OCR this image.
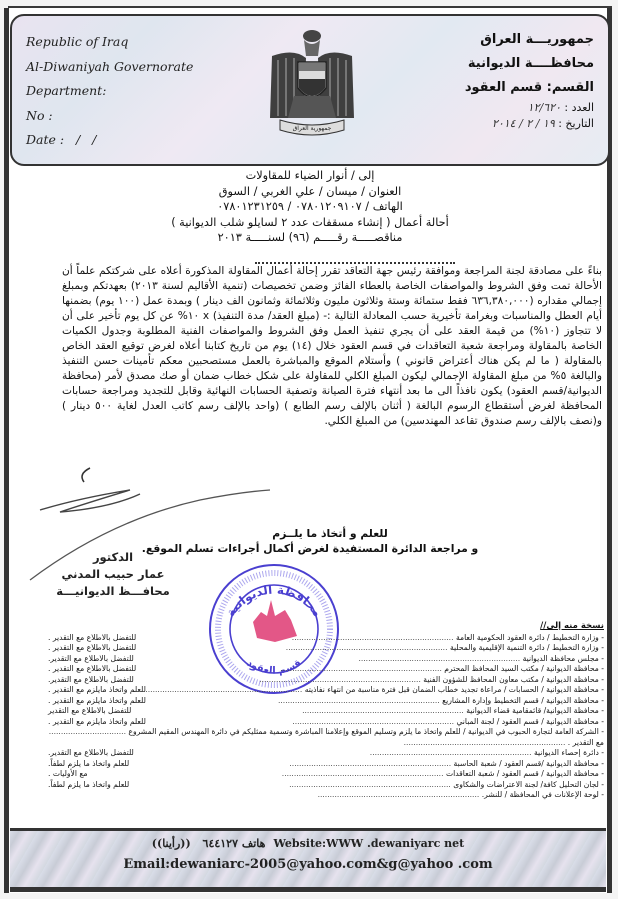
Republic of Iraq
Al-Diwaniyah Governorate
Department:
No :
Date :   /   /
جمهورية العراق
جمهوريـــة العراق
محافظــــة الديوانية
القسم: قسم العقود
العدد : ١٢/٦٢٠
التاريخ : ١٩ / ٢ / ٢٠١٤
إلى / أنوار الضياء للمقاولات
العنوان / ميسان / علي الغربي / السوق
الهاتف / ٠٧٨٠١٢٠٩١٠٧ / ٠٧٨٠١٢٣١٢٥٩
أحالة أعمال ( إنشاء مسقفات عدد ٢ لسايلو شلب الديوانية )
مناقصـــــة رقـــــم (٩٦) لسنـــــة ٢٠١٣
بناءً على مصادقة لجنة المراجعة وموافقة رئيس جهة التعاقد تقرر إحالة أعمال المقاولة المذكورة أعلاه على شركتكم علماً أن الأحالة تمت وفق الشروط والمواصفات الخاصة بالعطاء الفائز وضمن تخصيصات (تنمية الأقاليم لسنة ٢٠١٣) بعهدتكم وبمبلغ إجمالي مقداره (٦٣٦,٣٨٠,٠٠٠ فقط ستمائة وستة وثلاثون مليون وثلاثمائة وثمانون الف دينار ) وبمدة عمل (١٠٠ يوم) بضمنها أيام العطل والمناسبات وبغرامة تأخيرية حسب المعادلة التالية :- (مبلغ العقد/ مدة التنفيذ) x ١٠% عن كل يوم تأخير على أن لا تتجاوز (١٠%) من قيمة العقد على أن يجري تنفيذ العمل وفق الشروط والمواصفات الفنية المطلوبة وجدول الكميات الخاصة بالمقاولة ومراجعة شعبة التعاقدات في قسم العقود خلال (١٤) يوم من تاريخ كتابنا أعلاه لغرض توقيع العقد الخاص بالمقاولة ( ما لم يكن هناك أعتراض قانوني ) وأستلام الموقع والمباشرة بالعمل مستصحبين معكم تأمينات حسن التنفيذ والبالغة ٥% من مبلغ المقاولة الإجمالي ليكون المبلغ الكلي للمقاولة على شكل خطاب ضمان أو صك مصدق لأمر (محافظة الديوانية/قسم العقود) يكون نافذاً الى ما بعد أنتهاء فترة الصيانة وتصفية الحسابات النهائية وقابل للتجديد ومراجعة حسابات المحافظة لغرض أستقطاع الرسوم البالغة ( أثنان بالإلف رسم الطابع ) (واحد بالإلف رسم كاتب العدل لغاية ٥٠٠ دينار ) و(نصف بالإلف رسم صندوق تقاعد المهندسين) من المبلغ الكلي.
للعلم و أتخاذ ما يلــزم
و مراجعة الدائرة المستفيدة لغرض أكمال أجراءات تسلم الموقع.
الدكتور
عمار حبيب المدني
محافـــظ الديوانيـــة
محافظة الديوانية
قسم العقود
نسخة منه إلى//
- وزارة التخطيط / دائرة العقود الحكومية العامة .....
للتفضل بالاطلاع مع التقدير .
- وزارة التخطيط / دائرة التنمية الإقليمية والمحلية .....
للتفضل بالاطلاع مع التقدير .
- مجلس محافظة الديوانية .....
للتفضل بالاطلاع مع التقدير.
- محافظة الديوانية / مكتب السيد المحافظ المحترم .....
للتفضل بالاطلاع مع التقدير .
- محافظة الديوانية / مكتب معاون المحافظ للشؤون الفنية .....
للتفضل بالاطلاع مع التقدير.
- محافظة الديوانية / الحسابات / مراعاة تجديد خطاب الضمان قبل فترة مناسبة من انتهاء نفاذيته .....
للعلم واتخاذ مايلزم مع التقدير .
- محافظة الديوانية / قسم التخطيط وإدارة المشاريع .....
للعلم واتخاذ مايلزم مع التقدير .
- محافظة الديوانية/ قائمقامية قضاء الديوانية .....
للتفضل بالاطلاع مع التقدير
- محافظة الديوانية / قسم العقود / لجنة المباني .....
للعلم واتخاذ مايلزم مع التقدير .
- الشركة العامة لتجارة الحبوب في الديوانية / للعلم واتخاذ ما يلزم وتسليم الموقع وإعلامنا المباشرة وتسمية ممثليكم في دائرة المهندس المقيم المشروع .....
مع التقدير . .....
- دائرة إحصاء الديوانية .....
للتفضل بالاطلاع مع التقدير.
- محافظة الديوانية /قسم العقود / شعبة الحاسبة .....
للعلم واتخاذ ما يلزم لطفاً.
- محافظة الديوانية / قسم العقود / شعبة التعاقدات .....
مع الأوليات .
- لجان التحليل كافة/ لجنة الاعتراضات والشكاوى .....
للعلم واتخاذ ما يلزم لطفاً.
- لوحة الإعلانات في المحافظة / للنشر. .....
هاتف ٦٤٤١٢٧ ((رأينا))Website:WWW .dewaniyarc net
Email:dewaniarc-2005@yahoo.com&g@yahoo .com
